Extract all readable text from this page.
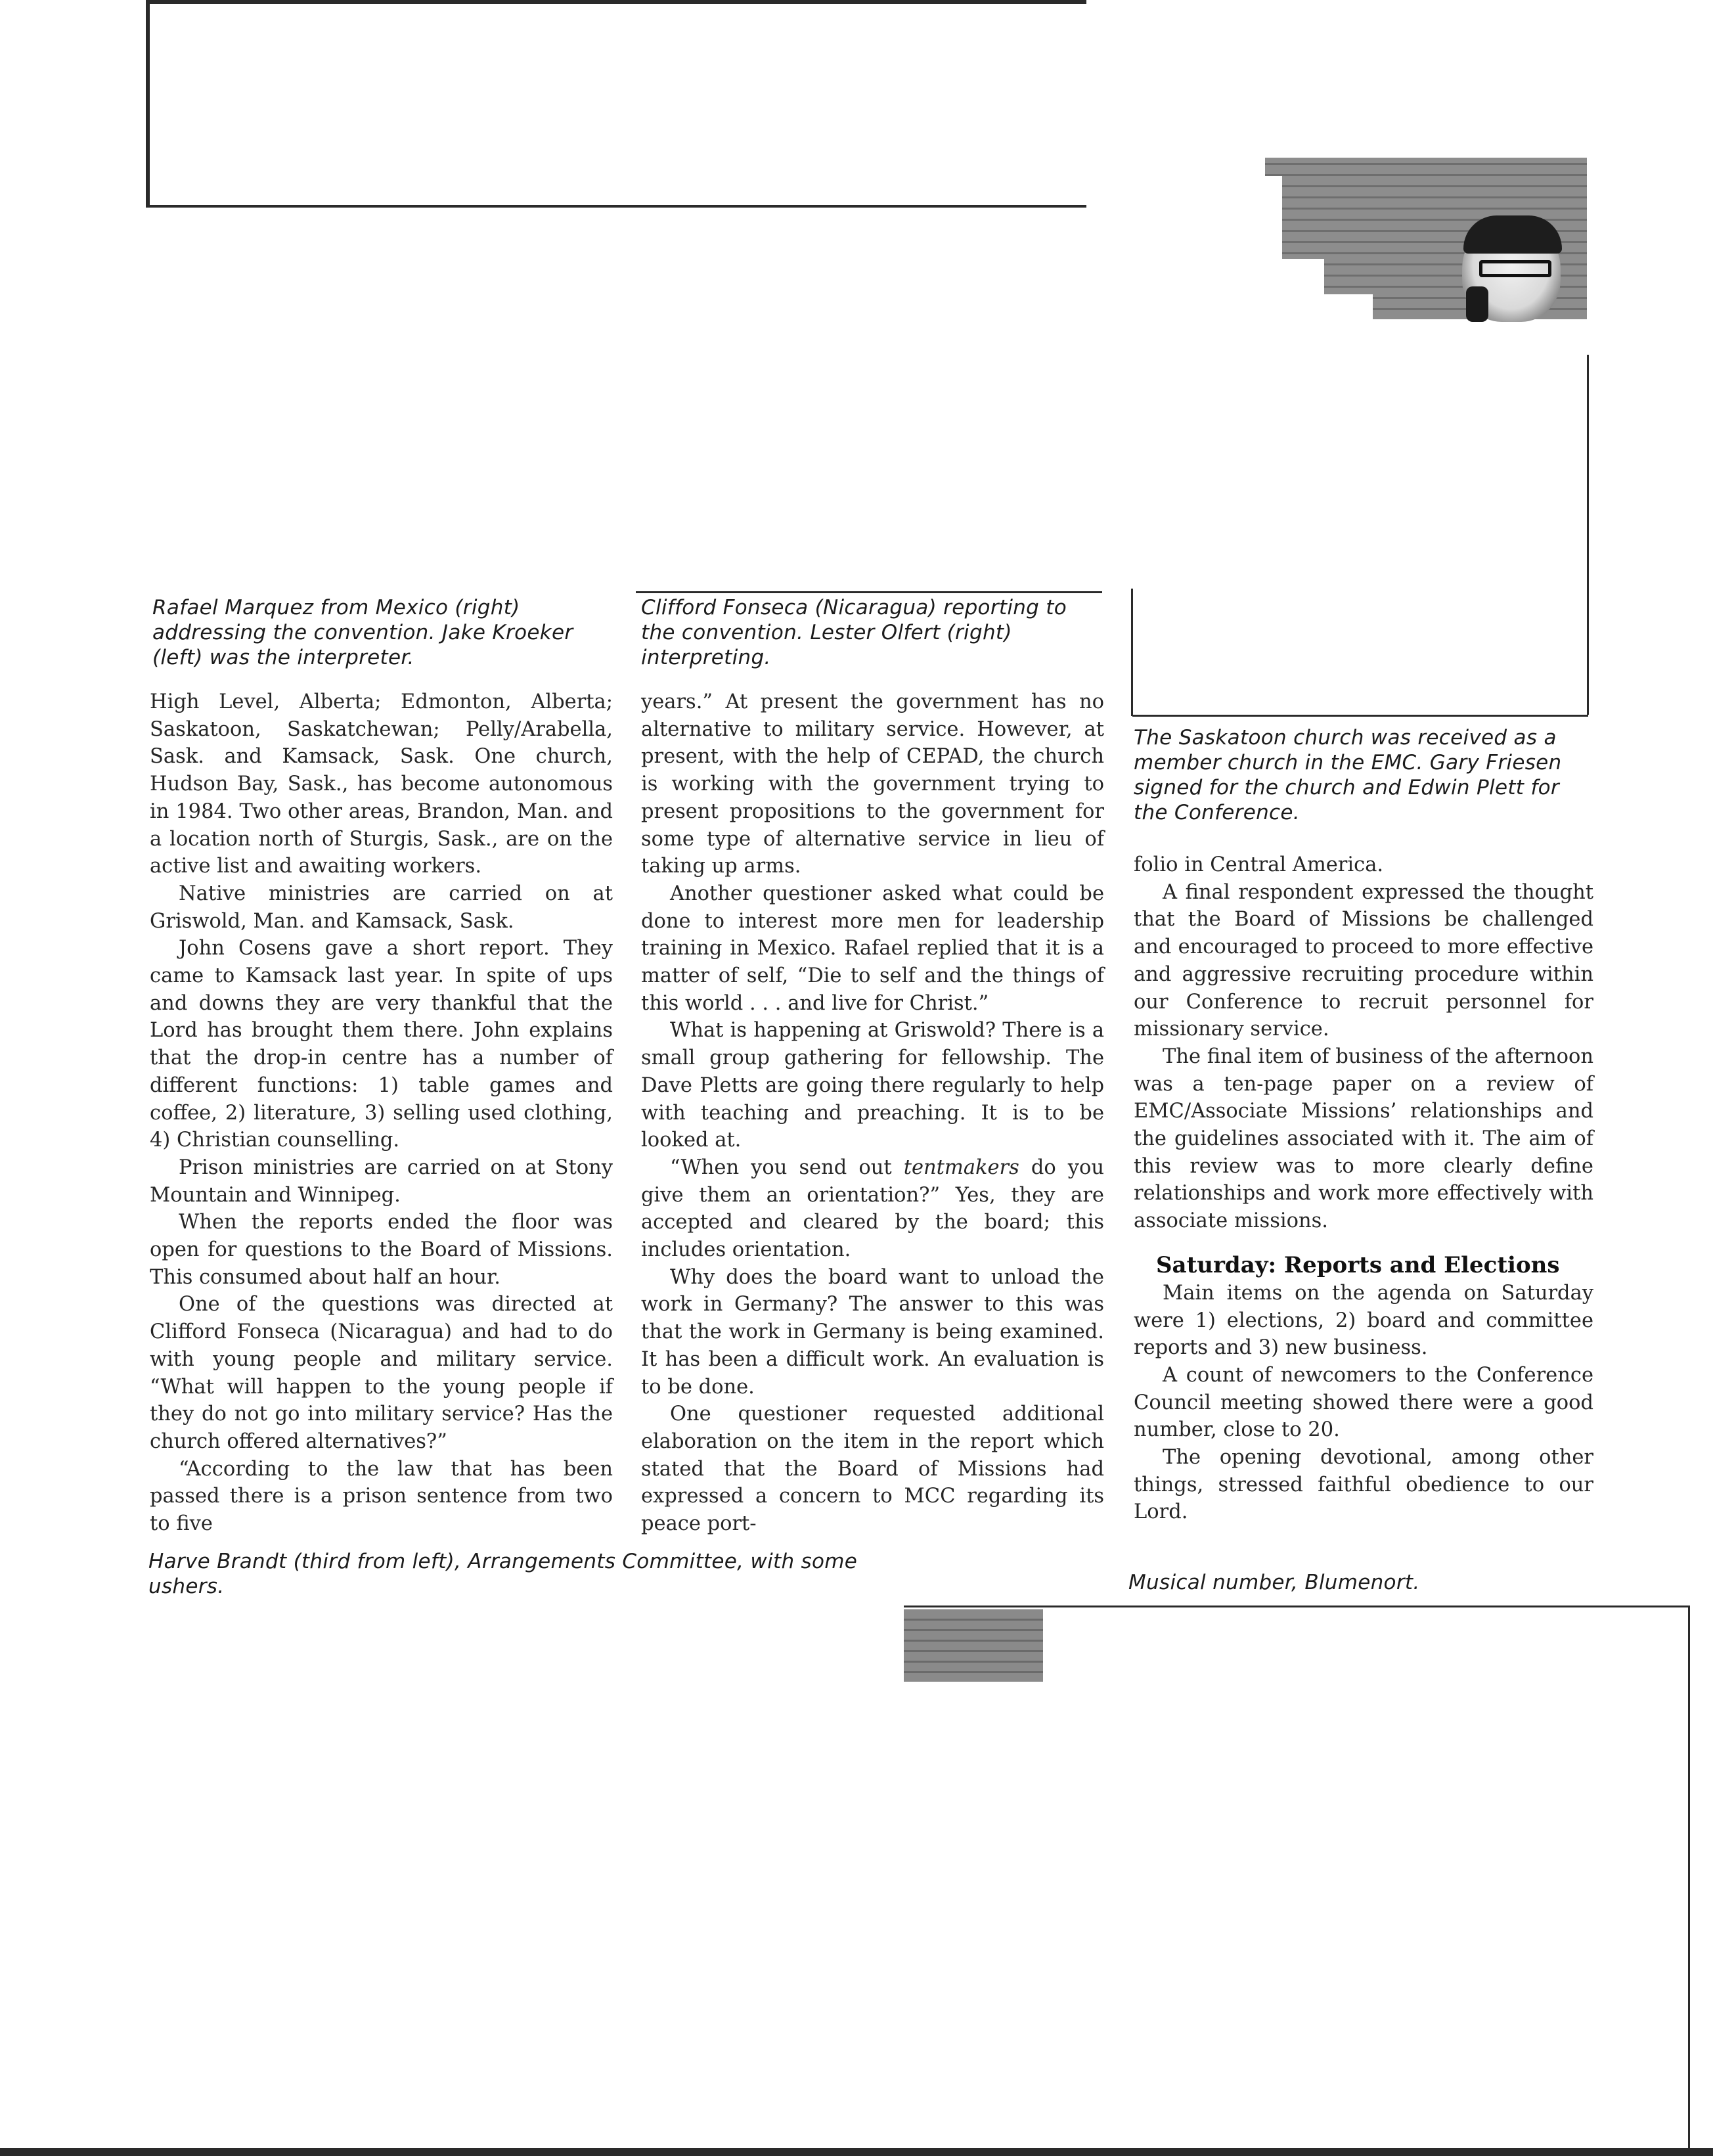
Rafael Marquez from Mexico (right) addressing the convention. Jake Kroeker (left) was the interpreter.

Clifford Fonseca (Nicaragua) reporting to the convention. Lester Olfert (right) interpreting.

The Saskatoon church was received as a member church in the EMC. Gary Friesen signed for the church and Edwin Plett for the Conference.

Harve Brandt (third from left), Arrangements Committee, with some ushers.	Musical number, Blumenort.

High Level, Alberta; Edmonton, Alberta; Saskatoon, Saskatchewan; Pelly/Arabella, Sask. and Kamsack, Sask. One church, Hudson Bay, Sask., has become autonomous in 1984. Two other areas, Brandon, Man. and a location north of Sturgis, Sask., are on the active list and awaiting workers.

Native ministries are carried on at Griswold, Man. and Kamsack, Sask.

John Cosens gave a short report. They came to Kamsack last year. In spite of ups and downs they are very thankful that the Lord has brought them there. John explains that the drop-in centre has a number of different functions: 1) table games and coffee, 2) literature, 3) selling used clothing, 4) Christian counselling.

Prison ministries are carried on at Stony Mountain and Winnipeg.

When the reports ended the floor was open for questions to the Board of Missions. This consumed about half an hour.

One of the questions was directed at Clifford Fonseca (Nicaragua) and had to do with young people and military service. “What will happen to the young people if they do not go into military service? Has the church offered alternatives?”

“According to the law that has been passed there is a prison sentence from two to five

years.” At present the government has no alternative to military service. However, at present, with the help of CEPAD, the church is working with the government trying to present propositions to the government for some type of alternative service in lieu of taking up arms.

Another questioner asked what could be done to interest more men for leadership training in Mexico. Rafael replied that it is a matter of self, “Die to self and the things of this world . . . and live for Christ.”

What is happening at Griswold? There is a small group gathering for fellowship. The Dave Pletts are going there regularly to help with teaching and preaching. It is to be looked at.

“When you send out tentmakers do you give them an orientation?” Yes, they are accepted and cleared by the board; this includes orientation.

Why does the board want to unload the work in Germany? The answer to this was that the work in Germany is being examined. It has been a difficult work. An evaluation is to be done.

One questioner requested additional elaboration on the item in the report which stated that the Board of Missions had expressed a concern to MCC regarding its peace port-

folio in Central America.

A final respondent expressed the thought that the Board of Missions be challenged and encouraged to proceed to more effective and aggressive recruiting procedure within our Conference to recruit personnel for missionary service.

The final item of business of the afternoon was a ten-page paper on a review of EMC/Associate Missions’ relationships and the guidelines associated with it. The aim of this review was to more clearly define relationships and work more effectively with associate missions.

Saturday: Reports and Elections

Main items on the agenda on Saturday were 1) elections, 2) board and committee reports and 3) new business.

A count of newcomers to the Conference Council meeting showed there were a good number, close to 20.

The opening devotional, among other things, stressed faithful obedience to our Lord.
